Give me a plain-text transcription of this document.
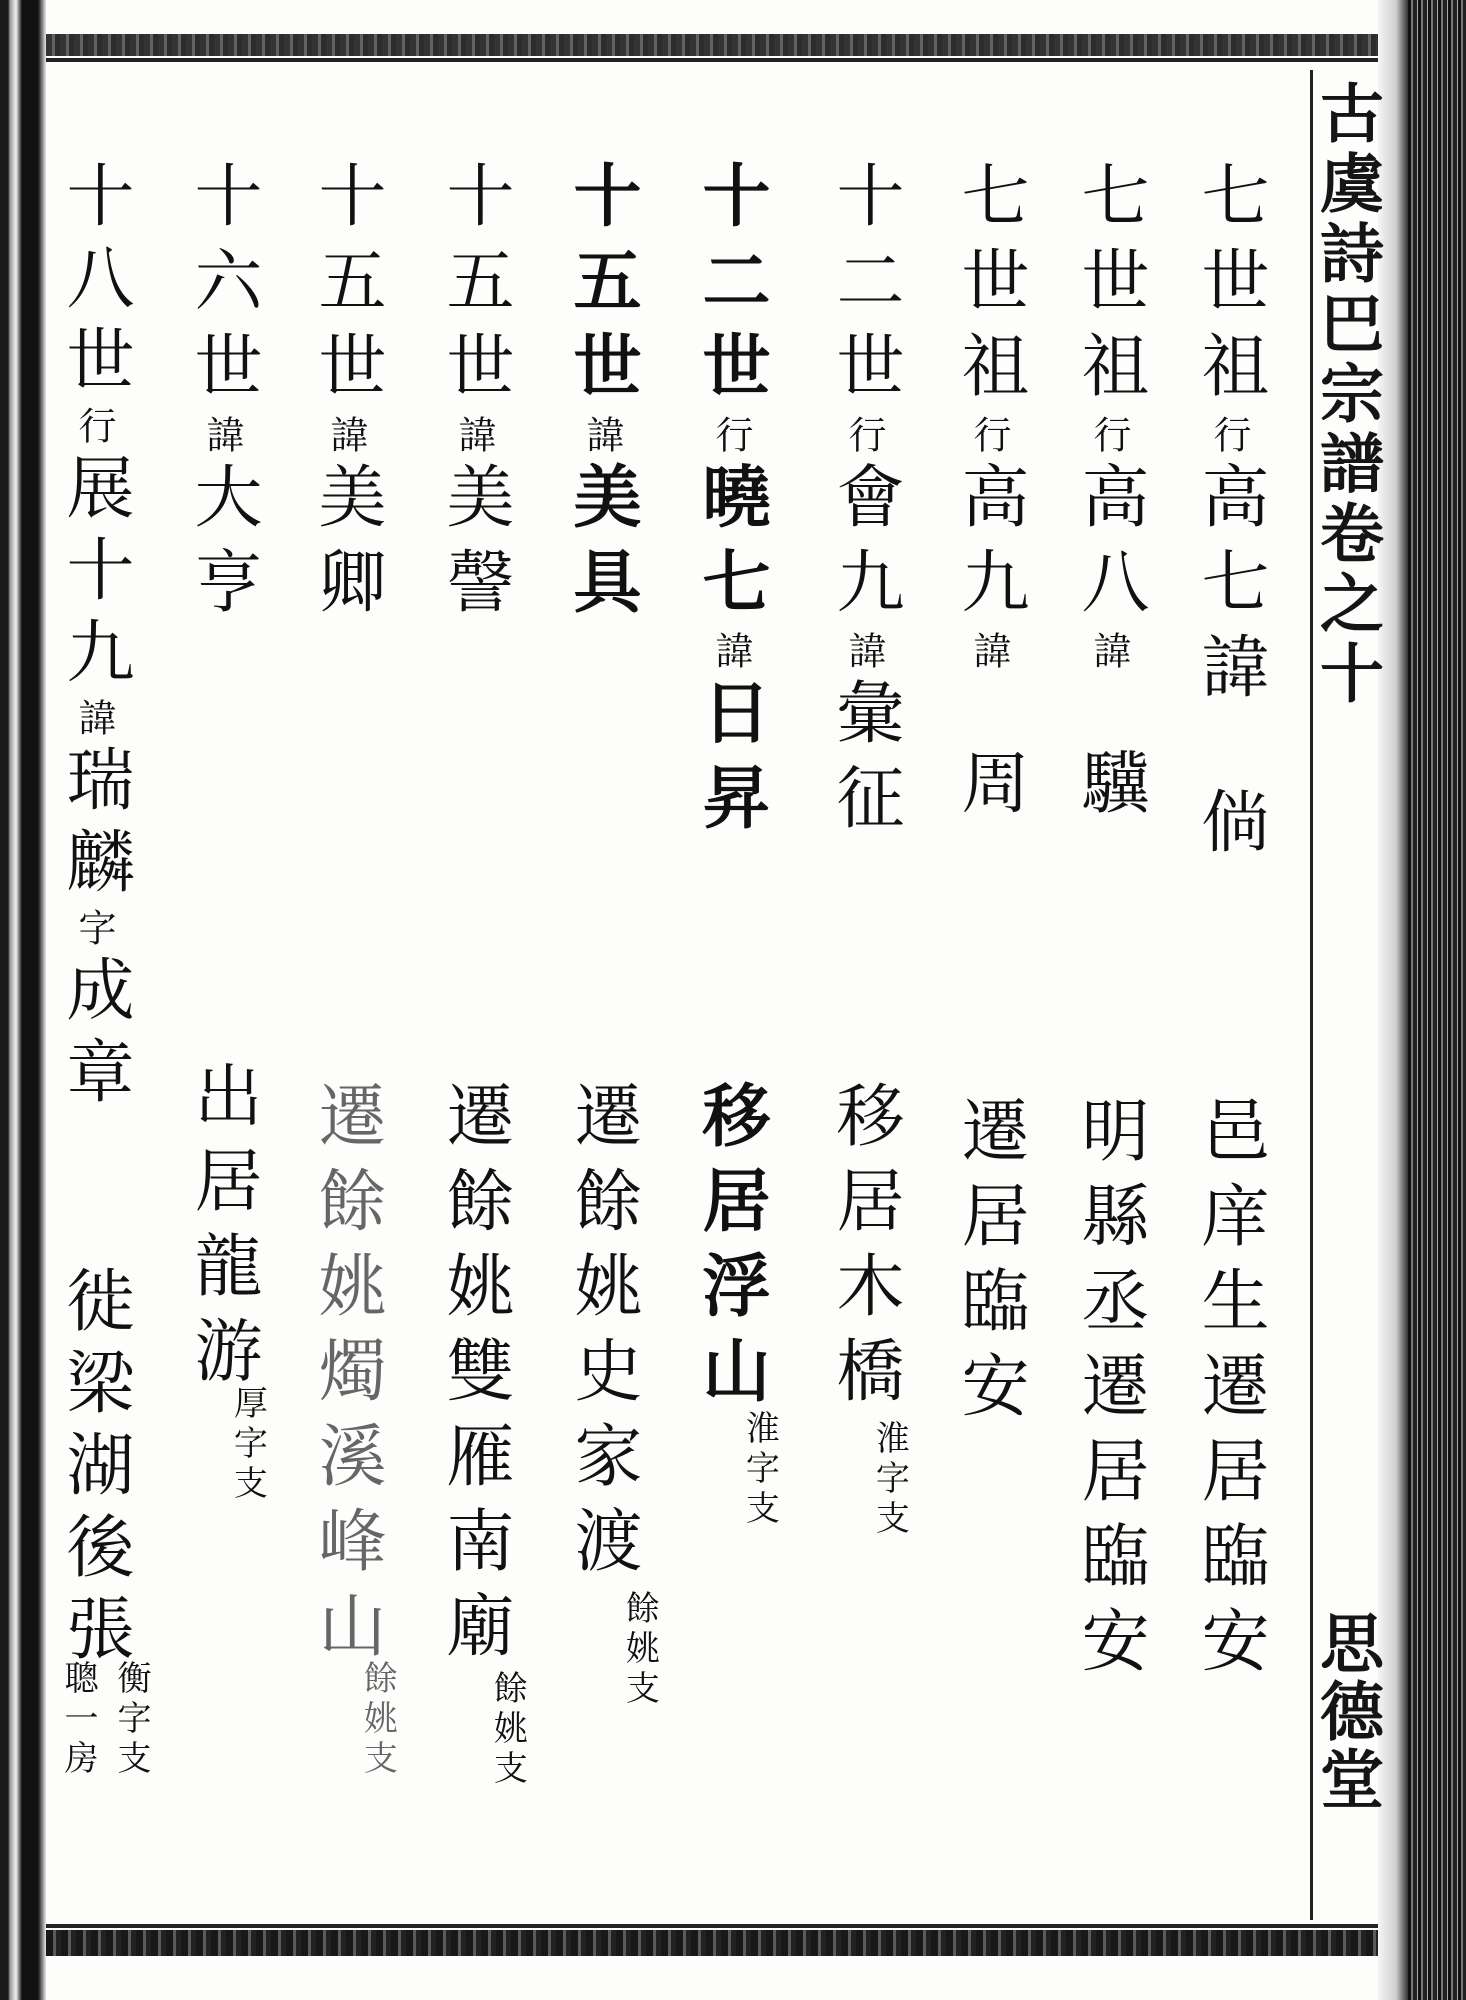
古虞詩巴宗譜卷之十
思德堂
七世祖行高七諱倘
七世祖行高八諱驥
七世祖行高九諱周
十二世行會九諱彙征
十二世行曉七諱日昇
十五世諱美具
十五世諱美謦
十五世諱美卿
十六世諱大亨
十八世行展十九諱瑞麟字成章
邑庠生遷居臨安
明縣丞遷居臨安
遷居臨安
移居木橋
淮字支
移居浮山
淮字支
遷餘姚史家渡
餘姚支
遷餘姚雙雁南廟
餘姚支
遷餘姚燭溪峰山
餘姚支
出居龍游
厚字支
徙梁湖後張
衡字支
聰一房
